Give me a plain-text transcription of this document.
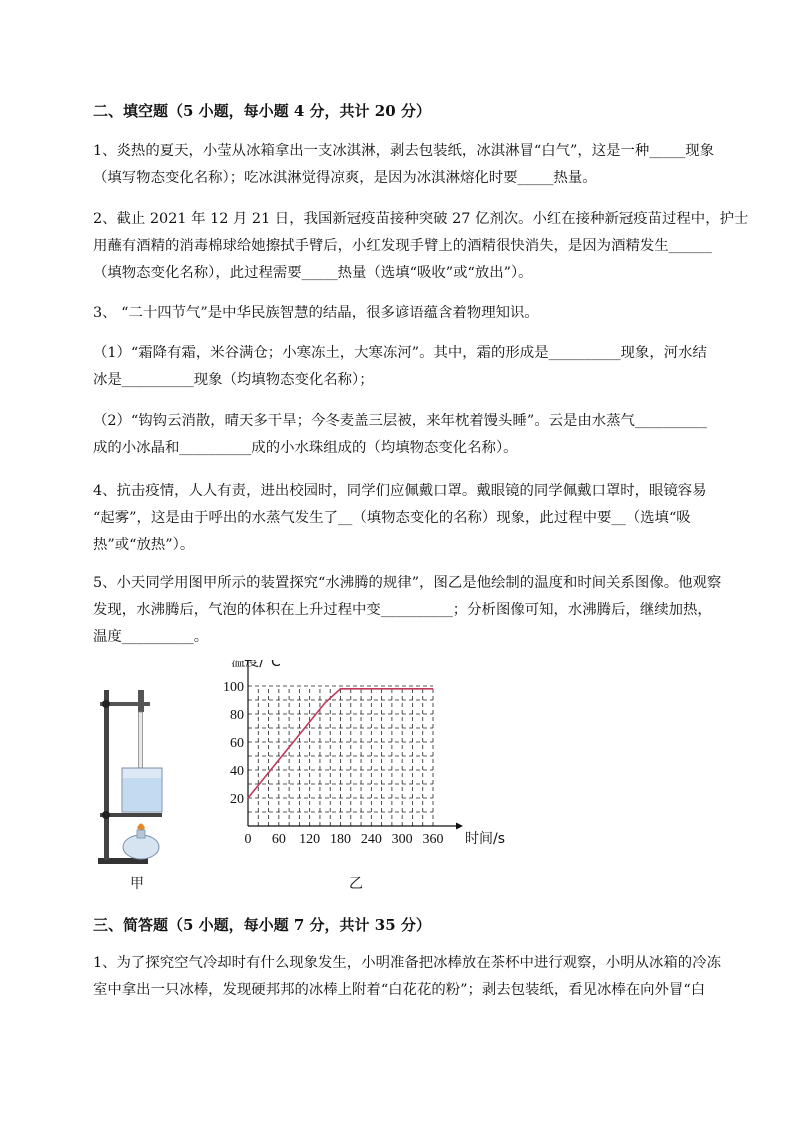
二、填空题（5 小题，每小题 4 分，共计 20 分）
1、炎热的夏天，小莹从冰箱拿出一支冰淇淋，剥去包装纸，冰淇淋冒“白气”，这是一种_____现象
（填写物态变化名称）；吃冰淇淋觉得凉爽，是因为冰淇淋熔化时要_____热量。
2、截止 2021 年 12 月 21 日，我国新冠疫苗接种突破 27 亿剂次。小红在接种新冠疫苗过程中，护士
用蘸有酒精的消毒棉球给她擦拭手臂后，小红发现手臂上的酒精很快消失，是因为酒精发生______
（填物态变化名称），此过程需要_____热量（选填“吸收”或“放出”）。
3、 “二十四节气”是中华民族智慧的结晶，很多谚语蕴含着物理知识。
（1）“霜降有霜，米谷满仓；小寒冻土，大寒冻河”。其中，霜的形成是__________现象，河水结
冰是__________现象（均填物态变化名称）；
（2）“钩钩云消散，晴天多干旱；今冬麦盖三层被，来年枕着馒头睡”。云是由水蒸气__________
成的小冰晶和__________成的小水珠组成的（均填物态变化名称）。
4、抗击疫情，人人有责，进出校园时，同学们应佩戴口罩。戴眼镜的同学佩戴口罩时，眼镜容易
“起雾”，这是由于呼出的水蒸气发生了__（填物态变化的名称）现象，此过程中要__（选填“吸
热”或“放热”）。
5、小天同学用图甲所示的装置探究“水沸腾的规律”，图乙是他绘制的温度和时间关系图像。他观察
发现，水沸腾后，气泡的体积在上升过程中变__________；分析图像可知，水沸腾后，继续加热，
温度__________。
甲
0 60 120 180 240 300 360
20
40
60
80
100
温度/°C
时间/s
乙
三、简答题（5 小题，每小题 7 分，共计 35 分）
1、为了探究空气冷却时有什么现象发生，小明准备把冰棒放在茶杯中进行观察，小明从冰箱的冷冻
室中拿出一只冰棒，发现硬邦邦的冰棒上附着“白花花的粉”；剥去包装纸，看见冰棒在向外冒“白
